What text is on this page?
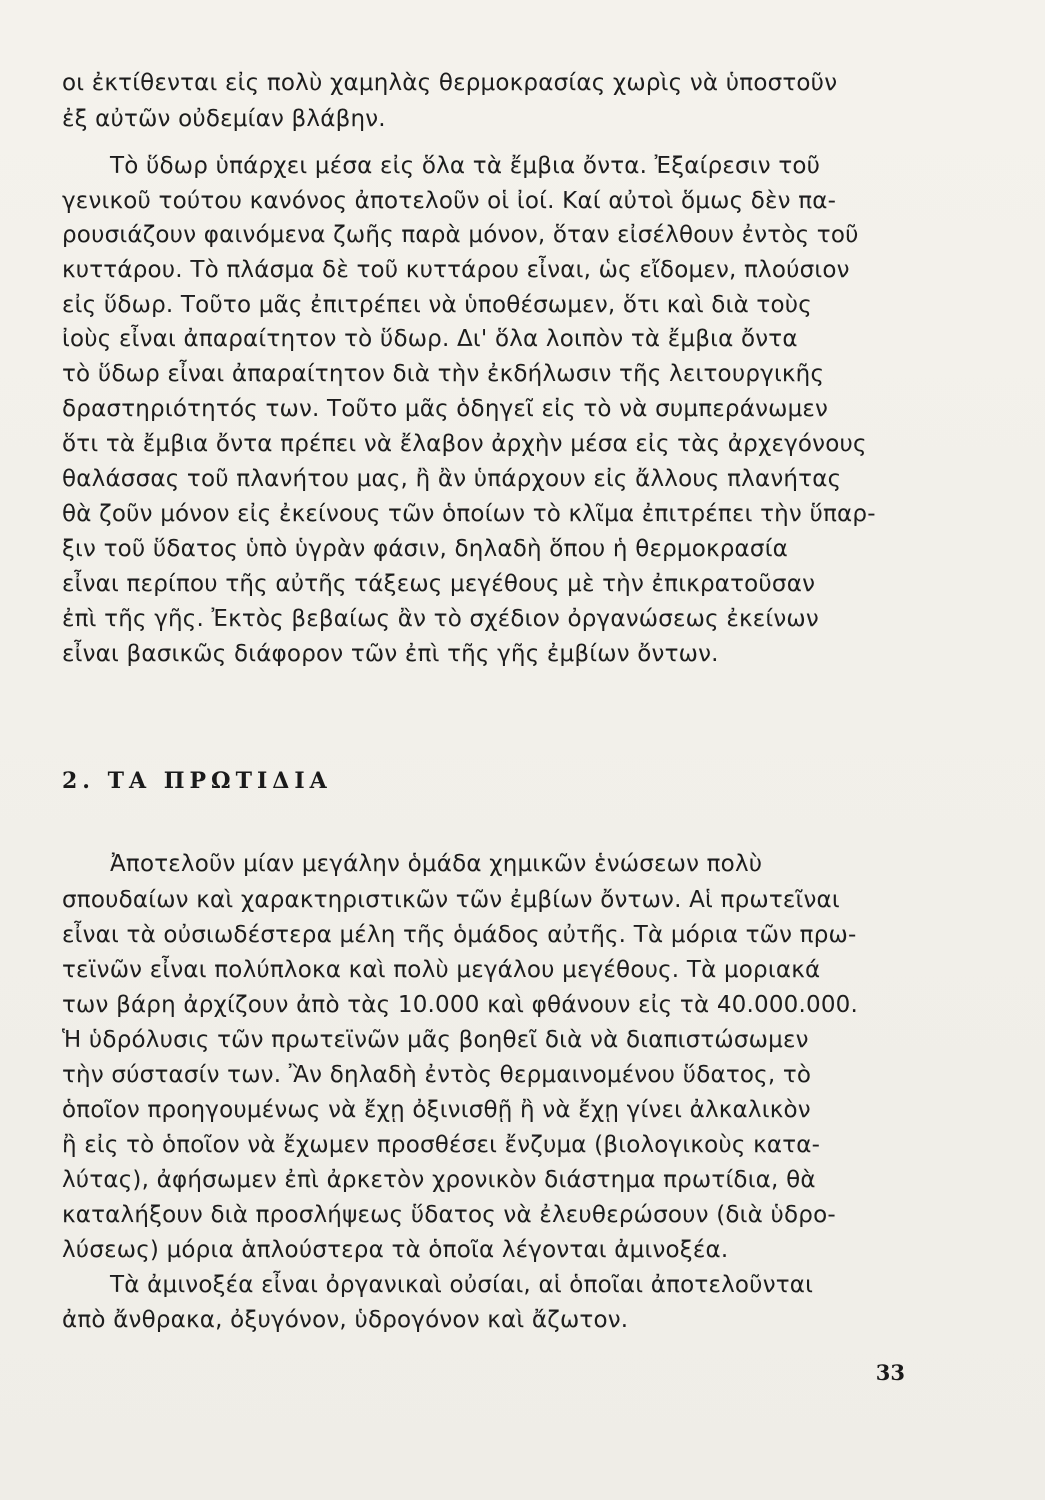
οι ἐκτίθενται εἰς πολὺ χαμηλὰς θερμοκρασίας χωρὶς νὰ ὑποστοῦν
ἐξ αὐτῶν οὐδεμίαν βλάβην.
Τὸ ὕδωρ ὑπάρχει μέσα εἰς ὅλα τὰ ἔμβια ὄντα. Ἐξαίρεσιν τοῦ
γενικοῦ τούτου κανόνος ἀποτελοῦν οἱ ἰοί. Καί αὐτοὶ ὅμως δὲν πα-
ρουσιάζουν φαινόμενα ζωῆς παρὰ μόνον, ὅταν εἰσέλθουν ἐντὸς τοῦ
κυττάρου. Τὸ πλάσμα δὲ τοῦ κυττάρου εἶναι, ὡς εἴδομεν, πλούσιον
εἰς ὕδωρ. Τοῦτο μᾶς ἐπιτρέπει νὰ ὑποθέσωμεν, ὅτι καὶ διὰ τοὺς
ἰοὺς εἶναι ἀπαραίτητον τὸ ὕδωρ. Δι' ὅλα λοιπὸν τὰ ἔμβια ὄντα
τὸ ὕδωρ εἶναι ἀπαραίτητον διὰ τὴν ἐκδήλωσιν τῆς λειτουργικῆς
δραστηριότητός των. Τοῦτο μᾶς ὁδηγεῖ εἰς τὸ νὰ συμπεράνωμεν
ὅτι τὰ ἔμβια ὄντα πρέπει νὰ ἔλαβον ἀρχὴν μέσα εἰς τὰς ἀρχεγόνους
θαλάσσας τοῦ πλανήτου μας, ἢ ἂν ὑπάρχουν εἰς ἄλλους πλανήτας
θὰ ζοῦν μόνον εἰς ἐκείνους τῶν ὁποίων τὸ κλῖμα ἐπιτρέπει τὴν ὕπαρ-
ξιν τοῦ ὕδατος ὑπὸ ὑγρὰν φάσιν, δηλαδὴ ὅπου ἡ θερμοκρασία
εἶναι περίπου τῆς αὐτῆς τάξεως μεγέθους μὲ τὴν ἐπικρατοῦσαν
ἐπὶ τῆς γῆς. Ἐκτὸς βεβαίως ἂν τὸ σχέδιον ὀργανώσεως ἐκείνων
εἶναι βασικῶς διάφορον τῶν ἐπὶ τῆς γῆς ἐμβίων ὄντων.
2. ΤΑ ΠΡΩΤΙΔΙΑ
Ἀποτελοῦν μίαν μεγάλην ὁμάδα χημικῶν ἑνώσεων πολὺ
σπουδαίων καὶ χαρακτηριστικῶν τῶν ἐμβίων ὄντων. Αἱ πρωτεῖναι
εἶναι τὰ οὐσιωδέστερα μέλη τῆς ὁμάδος αὐτῆς. Τὰ μόρια τῶν πρω-
τεϊνῶν εἶναι πολύπλοκα καὶ πολὺ μεγάλου μεγέθους. Τὰ μοριακά
των βάρη ἀρχίζουν ἀπὸ τὰς 10.000 καὶ φθάνουν εἰς τὰ 40.000.000.
Ἡ ὑδρόλυσις τῶν πρωτεϊνῶν μᾶς βοηθεῖ διὰ νὰ διαπιστώσωμεν
τὴν σύστασίν των. Ἂν δηλαδὴ ἐντὸς θερμαινομένου ὕδατος, τὸ
ὁποῖον προηγουμένως νὰ ἔχῃ ὀξινισθῇ ἢ νὰ ἔχῃ γίνει ἀλκαλικὸν
ἢ εἰς τὸ ὁποῖον νὰ ἔχωμεν προσθέσει ἔνζυμα (βιολογικοὺς κατα-
λύτας), ἀφήσωμεν ἐπὶ ἀρκετὸν χρονικὸν διάστημα πρωτίδια, θὰ
καταλήξουν διὰ προσλήψεως ὕδατος νὰ ἐλευθερώσουν (διὰ ὑδρο-
λύσεως) μόρια ἁπλούστερα τὰ ὁποῖα λέγονται ἀμινοξέα.
Τὰ ἀμινοξέα εἶναι ὀργανικαὶ οὐσίαι, αἱ ὁποῖαι ἀποτελοῦνται
ἀπὸ ἄνθρακα, ὀξυγόνον, ὑδρογόνον καὶ ἄζωτον.
33
